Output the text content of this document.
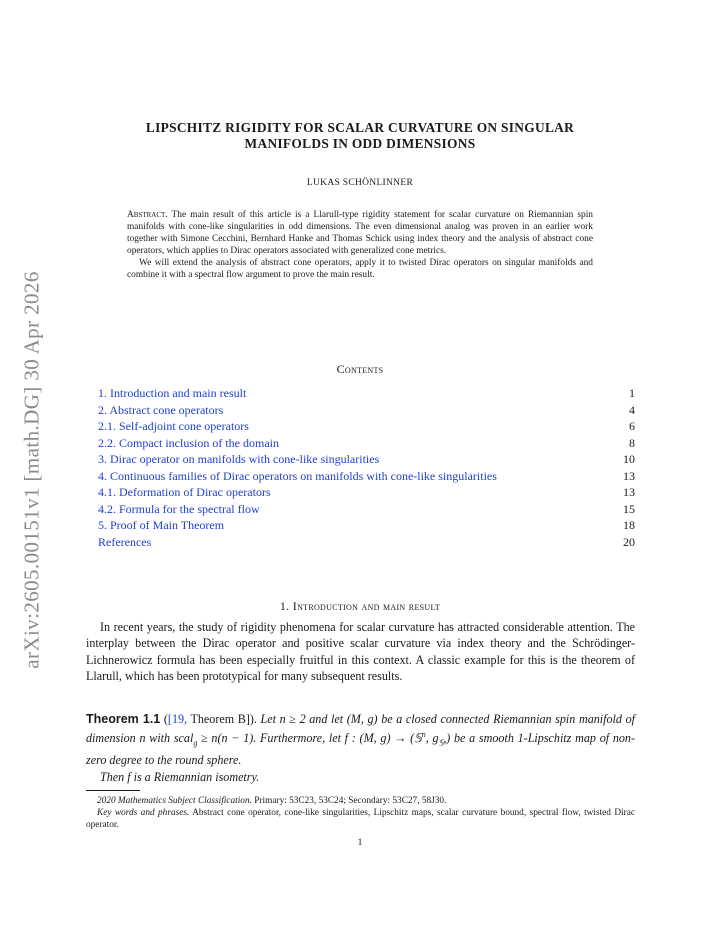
arXiv:2605.00151v1 [math.DG] 30 Apr 2026
LIPSCHITZ RIGIDITY FOR SCALAR CURVATURE ON SINGULAR
MANIFOLDS IN ODD DIMENSIONS
LUKAS SCHÖNLINNER

Abstract. The main result of this article is a Llarull-type rigidity statement for scalar curvature on Riemannian spin manifolds with cone-like singularities in odd dimensions. The even dimensional analog was proven in an earlier work together with Simone Cecchini, Bernhard Hanke and Thomas Schick using index theory and the analysis of abstract cone operators, which applies to Dirac operators associated with generalized cone metrics.

We will extend the analysis of abstract cone operators, apply it to twisted Dirac operators on singular manifolds and combine it with a spectral flow argument to prove the main result.

Contents
1. Introduction and main result	1
2. Abstract cone operators	4
2.1. Self-adjoint cone operators	6
2.2. Compact inclusion of the domain	8
3. Dirac operator on manifolds with cone-like singularities	10
4. Continuous families of Dirac operators on manifolds with cone-like singularities	13
4.1. Deformation of Dirac operators	13
4.2. Formula for the spectral flow	15
5. Proof of Main Theorem	18
References	20
1. Introduction and main result

In recent years, the study of rigidity phenomena for scalar curvature has attracted considerable attention. The interplay between the Dirac operator and positive scalar curvature via index theory and the Schrödinger-Lichnerowicz formula has been especially fruitful in this context. A classic example for this is the theorem of Llarull, which has been prototypical for many subsequent results.

Theorem 1.1 ([19, Theorem B]). Let n ≥ 2 and let (M, g) be a closed connected Riemannian spin manifold of dimension n with scal$_g$ ≥ n(n − 1). Furthermore, let f : (M, g) → (𝕊$^n$, $g_{𝕊^n}$) be a smooth 1-Lipschitz map of non-zero degree to the round sphere.

Then f is a Riemannian isometry.

2020 Mathematics Subject Classification. Primary: 53C23, 53C24; Secondary: 53C27, 58J30.

Key words and phrases. Abstract cone operator, cone-like singularities, Lipschitz maps, scalar curvature bound, spectral flow, twisted Dirac operator.

1
